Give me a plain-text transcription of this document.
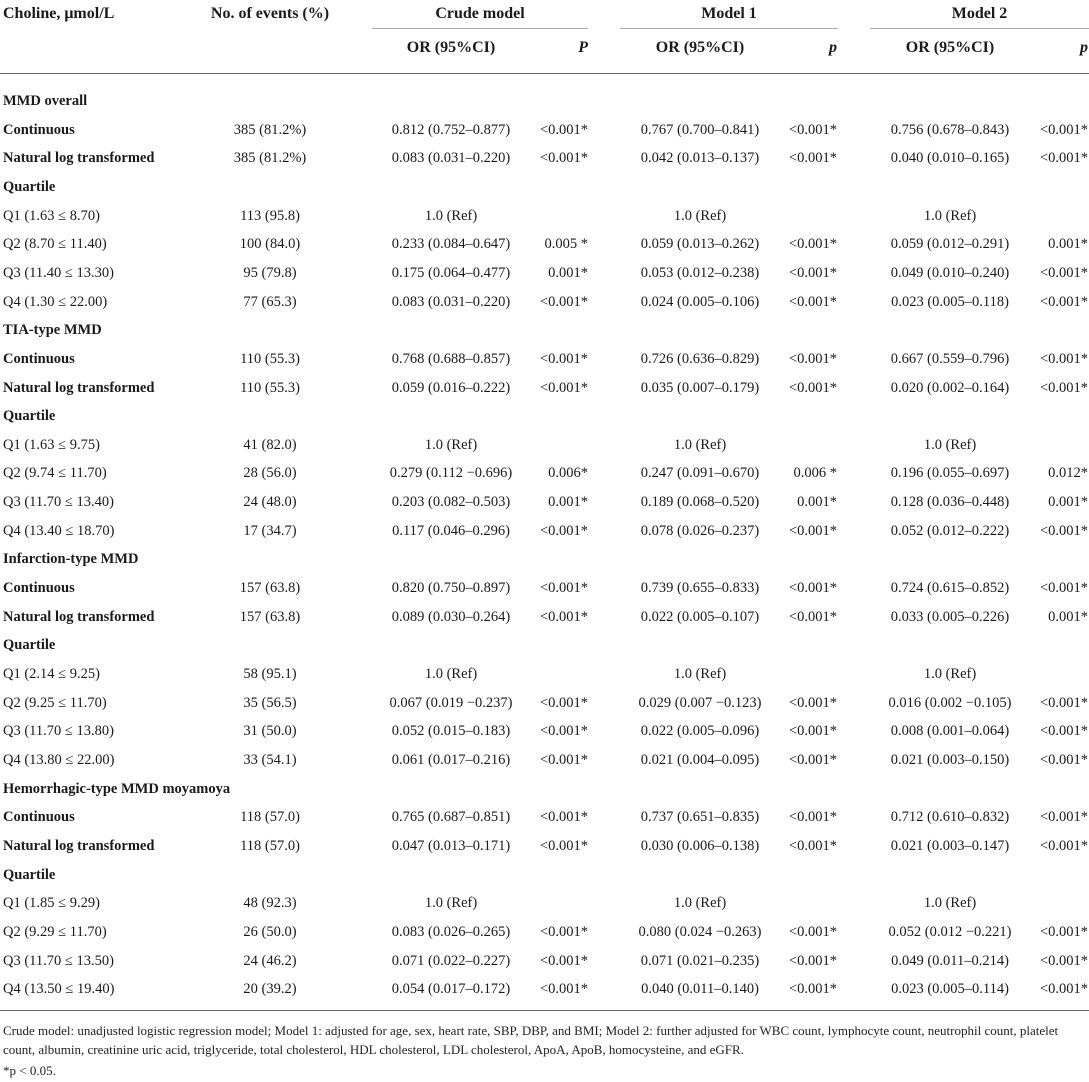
Choline, μmol/L	No. of events (%)	Crude model	Model 1	Model 2
OR (95%CI)	P	OR (95%CI)	p	OR (95%CI)	p
MMD overall
Continuous	385 (81.2%)	0.812 (0.752–0.877)	<0.001*	0.767 (0.700–0.841)	<0.001*	0.756 (0.678–0.843)	<0.001*
Natural log transformed	385 (81.2%)	0.083 (0.031–0.220)	<0.001*	0.042 (0.013–0.137)	<0.001*	0.040 (0.010–0.165)	<0.001*
Quartile
Q1 (1.63 ≤ 8.70)	113 (95.8)	1.0 (Ref)	1.0 (Ref)	1.0 (Ref)
Q2 (8.70 ≤ 11.40)	100 (84.0)	0.233 (0.084–0.647)	0.005 *	0.059 (0.013–0.262)	<0.001*	0.059 (0.012–0.291)	0.001*
Q3 (11.40 ≤ 13.30)	95 (79.8)	0.175 (0.064–0.477)	0.001*	0.053 (0.012–0.238)	<0.001*	0.049 (0.010–0.240)	<0.001*
Q4 (1.30 ≤ 22.00)	77 (65.3)	0.083 (0.031–0.220)	<0.001*	0.024 (0.005–0.106)	<0.001*	0.023 (0.005–0.118)	<0.001*
TIA-type MMD
Continuous	110 (55.3)	0.768 (0.688–0.857)	<0.001*	0.726 (0.636–0.829)	<0.001*	0.667 (0.559–0.796)	<0.001*
Natural log transformed	110 (55.3)	0.059 (0.016–0.222)	<0.001*	0.035 (0.007–0.179)	<0.001*	0.020 (0.002–0.164)	<0.001*
Quartile
Q1 (1.63 ≤ 9.75)	41 (82.0)	1.0 (Ref)	1.0 (Ref)	1.0 (Ref)
Q2 (9.74 ≤ 11.70)	28 (56.0)	0.279 (0.112 −0.696)	0.006*	0.247 (0.091–0.670)	0.006 *	0.196 (0.055–0.697)	0.012*
Q3 (11.70 ≤ 13.40)	24 (48.0)	0.203 (0.082–0.503)	0.001*	0.189 (0.068–0.520)	0.001*	0.128 (0.036–0.448)	0.001*
Q4 (13.40 ≤ 18.70)	17 (34.7)	0.117 (0.046–0.296)	<0.001*	0.078 (0.026–0.237)	<0.001*	0.052 (0.012–0.222)	<0.001*
Infarction-type MMD
Continuous	157 (63.8)	0.820 (0.750–0.897)	<0.001*	0.739 (0.655–0.833)	<0.001*	0.724 (0.615–0.852)	<0.001*
Natural log transformed	157 (63.8)	0.089 (0.030–0.264)	<0.001*	0.022 (0.005–0.107)	<0.001*	0.033 (0.005–0.226)	0.001*
Quartile
Q1 (2.14 ≤ 9.25)	58 (95.1)	1.0 (Ref)	1.0 (Ref)	1.0 (Ref)
Q2 (9.25 ≤ 11.70)	35 (56.5)	0.067 (0.019 −0.237)	<0.001*	0.029 (0.007 −0.123)	<0.001*	0.016 (0.002 −0.105)	<0.001*
Q3 (11.70 ≤ 13.80)	31 (50.0)	0.052 (0.015–0.183)	<0.001*	0.022 (0.005–0.096)	<0.001*	0.008 (0.001–0.064)	<0.001*
Q4 (13.80 ≤ 22.00)	33 (54.1)	0.061 (0.017–0.216)	<0.001*	0.021 (0.004–0.095)	<0.001*	0.021 (0.003–0.150)	<0.001*
Hemorrhagic-type MMD moyamoya
Continuous	118 (57.0)	0.765 (0.687–0.851)	<0.001*	0.737 (0.651–0.835)	<0.001*	0.712 (0.610–0.832)	<0.001*
Natural log transformed	118 (57.0)	0.047 (0.013–0.171)	<0.001*	0.030 (0.006–0.138)	<0.001*	0.021 (0.003–0.147)	<0.001*
Quartile
Q1 (1.85 ≤ 9.29)	48 (92.3)	1.0 (Ref)	1.0 (Ref)	1.0 (Ref)
Q2 (9.29 ≤ 11.70)	26 (50.0)	0.083 (0.026–0.265)	<0.001*	0.080 (0.024 −0.263)	<0.001*	0.052 (0.012 −0.221)	<0.001*
Q3 (11.70 ≤ 13.50)	24 (46.2)	0.071 (0.022–0.227)	<0.001*	0.071 (0.021–0.235)	<0.001*	0.049 (0.011–0.214)	<0.001*
Q4 (13.50 ≤ 19.40)	20 (39.2)	0.054 (0.017–0.172)	<0.001*	0.040 (0.011–0.140)	<0.001*	0.023 (0.005–0.114)	<0.001*
Crude model: unadjusted logistic regression model; Model 1: adjusted for age, sex, heart rate, SBP, DBP, and BMI; Model 2: further adjusted for WBC count, lymphocyte count, neutrophil count, platelet count, albumin, creatinine uric acid, triglyceride, total cholesterol, HDL cholesterol, LDL cholesterol, ApoA, ApoB, homocysteine, and eGFR.
*p < 0.05.
